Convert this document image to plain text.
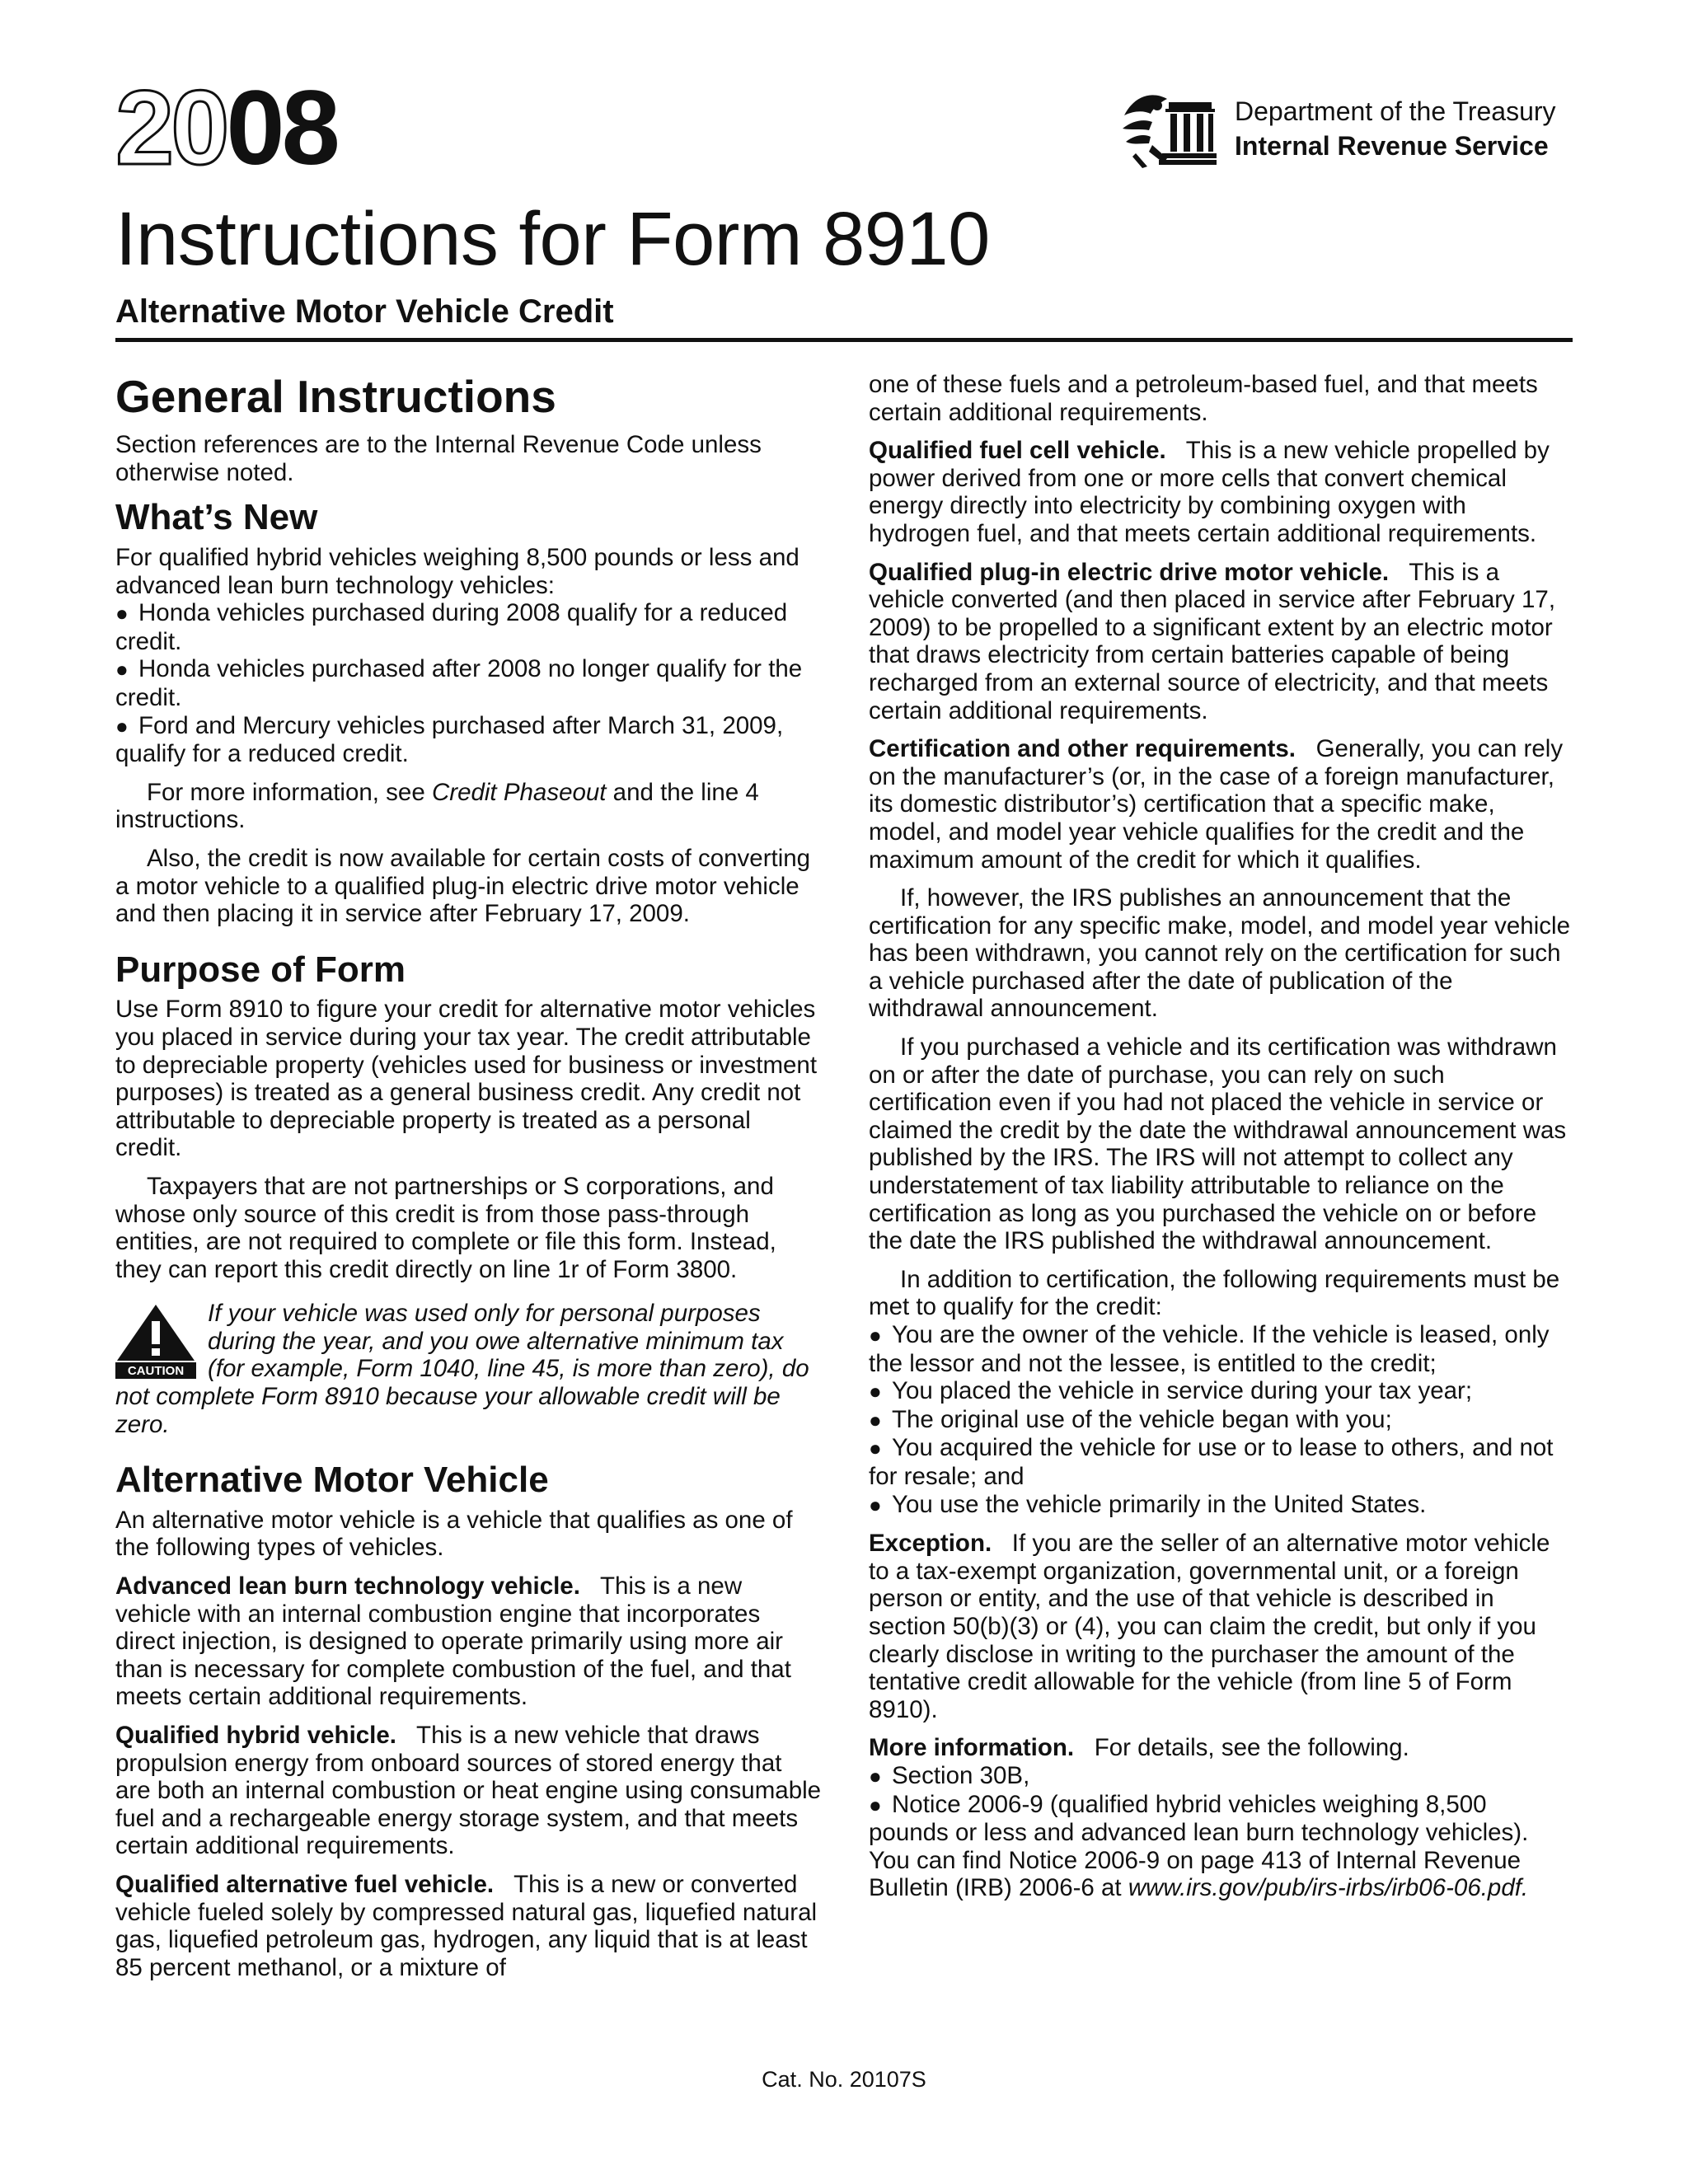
2008	Department of the Treasury
Internal Revenue Service
Instructions for Form 8910
Alternative Motor Vehicle Credit
General Instructions

Section references are to the Internal Revenue Code unless otherwise noted.

What’s New

For qualified hybrid vehicles weighing 8,500 pounds or less and advanced lean burn technology vehicles:

● Honda vehicles purchased during 2008 qualify for a reduced credit.
● Honda vehicles purchased after 2008 no longer qualify for the credit.
● Ford and Mercury vehicles purchased after March 31, 2009, qualify for a reduced credit.

For more information, see Credit Phaseout and the line 4 instructions.

Also, the credit is now available for certain costs of converting a motor vehicle to a qualified plug-in electric drive motor vehicle and then placing it in service after February 17, 2009.

Purpose of Form

Use Form 8910 to figure your credit for alternative motor vehicles you placed in service during your tax year. The credit attributable to depreciable property (vehicles used for business or investment purposes) is treated as a general business credit. Any credit not attributable to depreciable property is treated as a personal credit.

Taxpayers that are not partnerships or S corporations, and whose only source of this credit is from those pass-through entities, are not required to complete or file this form. Instead, they can report this credit directly on line 1r of Form 3800.

CAUTION
If your vehicle was used only for personal purposes during the year, and you owe alternative minimum tax (for example, Form 1040, line 45, is more than zero), do not complete Form 8910 because your allowable credit will be zero.
Alternative Motor Vehicle

An alternative motor vehicle is a vehicle that qualifies as one of the following types of vehicles.

Advanced lean burn technology vehicle. This is a new vehicle with an internal combustion engine that incorporates direct injection, is designed to operate primarily using more air than is necessary for complete combustion of the fuel, and that meets certain additional requirements.

Qualified hybrid vehicle. This is a new vehicle that draws propulsion energy from onboard sources of stored energy that are both an internal combustion or heat engine using consumable fuel and a rechargeable energy storage system, and that meets certain additional requirements.

Qualified alternative fuel vehicle. This is a new or converted vehicle fueled solely by compressed natural gas, liquefied natural gas, liquefied petroleum gas, hydrogen, any liquid that is at least 85 percent methanol, or a mixture of

one of these fuels and a petroleum-based fuel, and that meets certain additional requirements.

Qualified fuel cell vehicle. This is a new vehicle propelled by power derived from one or more cells that convert chemical energy directly into electricity by combining oxygen with hydrogen fuel, and that meets certain additional requirements.

Qualified plug-in electric drive motor vehicle. This is a vehicle converted (and then placed in service after February 17, 2009) to be propelled to a significant extent by an electric motor that draws electricity from certain batteries capable of being recharged from an external source of electricity, and that meets certain additional requirements.

Certification and other requirements. Generally, you can rely on the manufacturer’s (or, in the case of a foreign manufacturer, its domestic distributor’s) certification that a specific make, model, and model year vehicle qualifies for the credit and the maximum amount of the credit for which it qualifies.

If, however, the IRS publishes an announcement that the certification for any specific make, model, and model year vehicle has been withdrawn, you cannot rely on the certification for such a vehicle purchased after the date of publication of the withdrawal announcement.

If you purchased a vehicle and its certification was withdrawn on or after the date of purchase, you can rely on such certification even if you had not placed the vehicle in service or claimed the credit by the date the withdrawal announcement was published by the IRS. The IRS will not attempt to collect any understatement of tax liability attributable to reliance on the certification as long as you purchased the vehicle on or before the date the IRS published the withdrawal announcement.

In addition to certification, the following requirements must be met to qualify for the credit:

● You are the owner of the vehicle. If the vehicle is leased, only the lessor and not the lessee, is entitled to the credit;
● You placed the vehicle in service during your tax year;
● The original use of the vehicle began with you;
● You acquired the vehicle for use or to lease to others, and not for resale; and
● You use the vehicle primarily in the United States.

Exception. If you are the seller of an alternative motor vehicle to a tax-exempt organization, governmental unit, or a foreign person or entity, and the use of that vehicle is described in section 50(b)(3) or (4), you can claim the credit, but only if you clearly disclose in writing to the purchaser the amount of the tentative credit allowable for the vehicle (from line 5 of Form 8910).

More information. For details, see the following.

● Section 30B,
● Notice 2006-9 (qualified hybrid vehicles weighing 8,500 pounds or less and advanced lean burn technology vehicles). You can find Notice 2006-9 on page 413 of Internal Revenue Bulletin (IRB) 2006-6 at www.irs.gov/pub/irs-irbs/irb06-06.pdf.
Cat. No. 20107S
